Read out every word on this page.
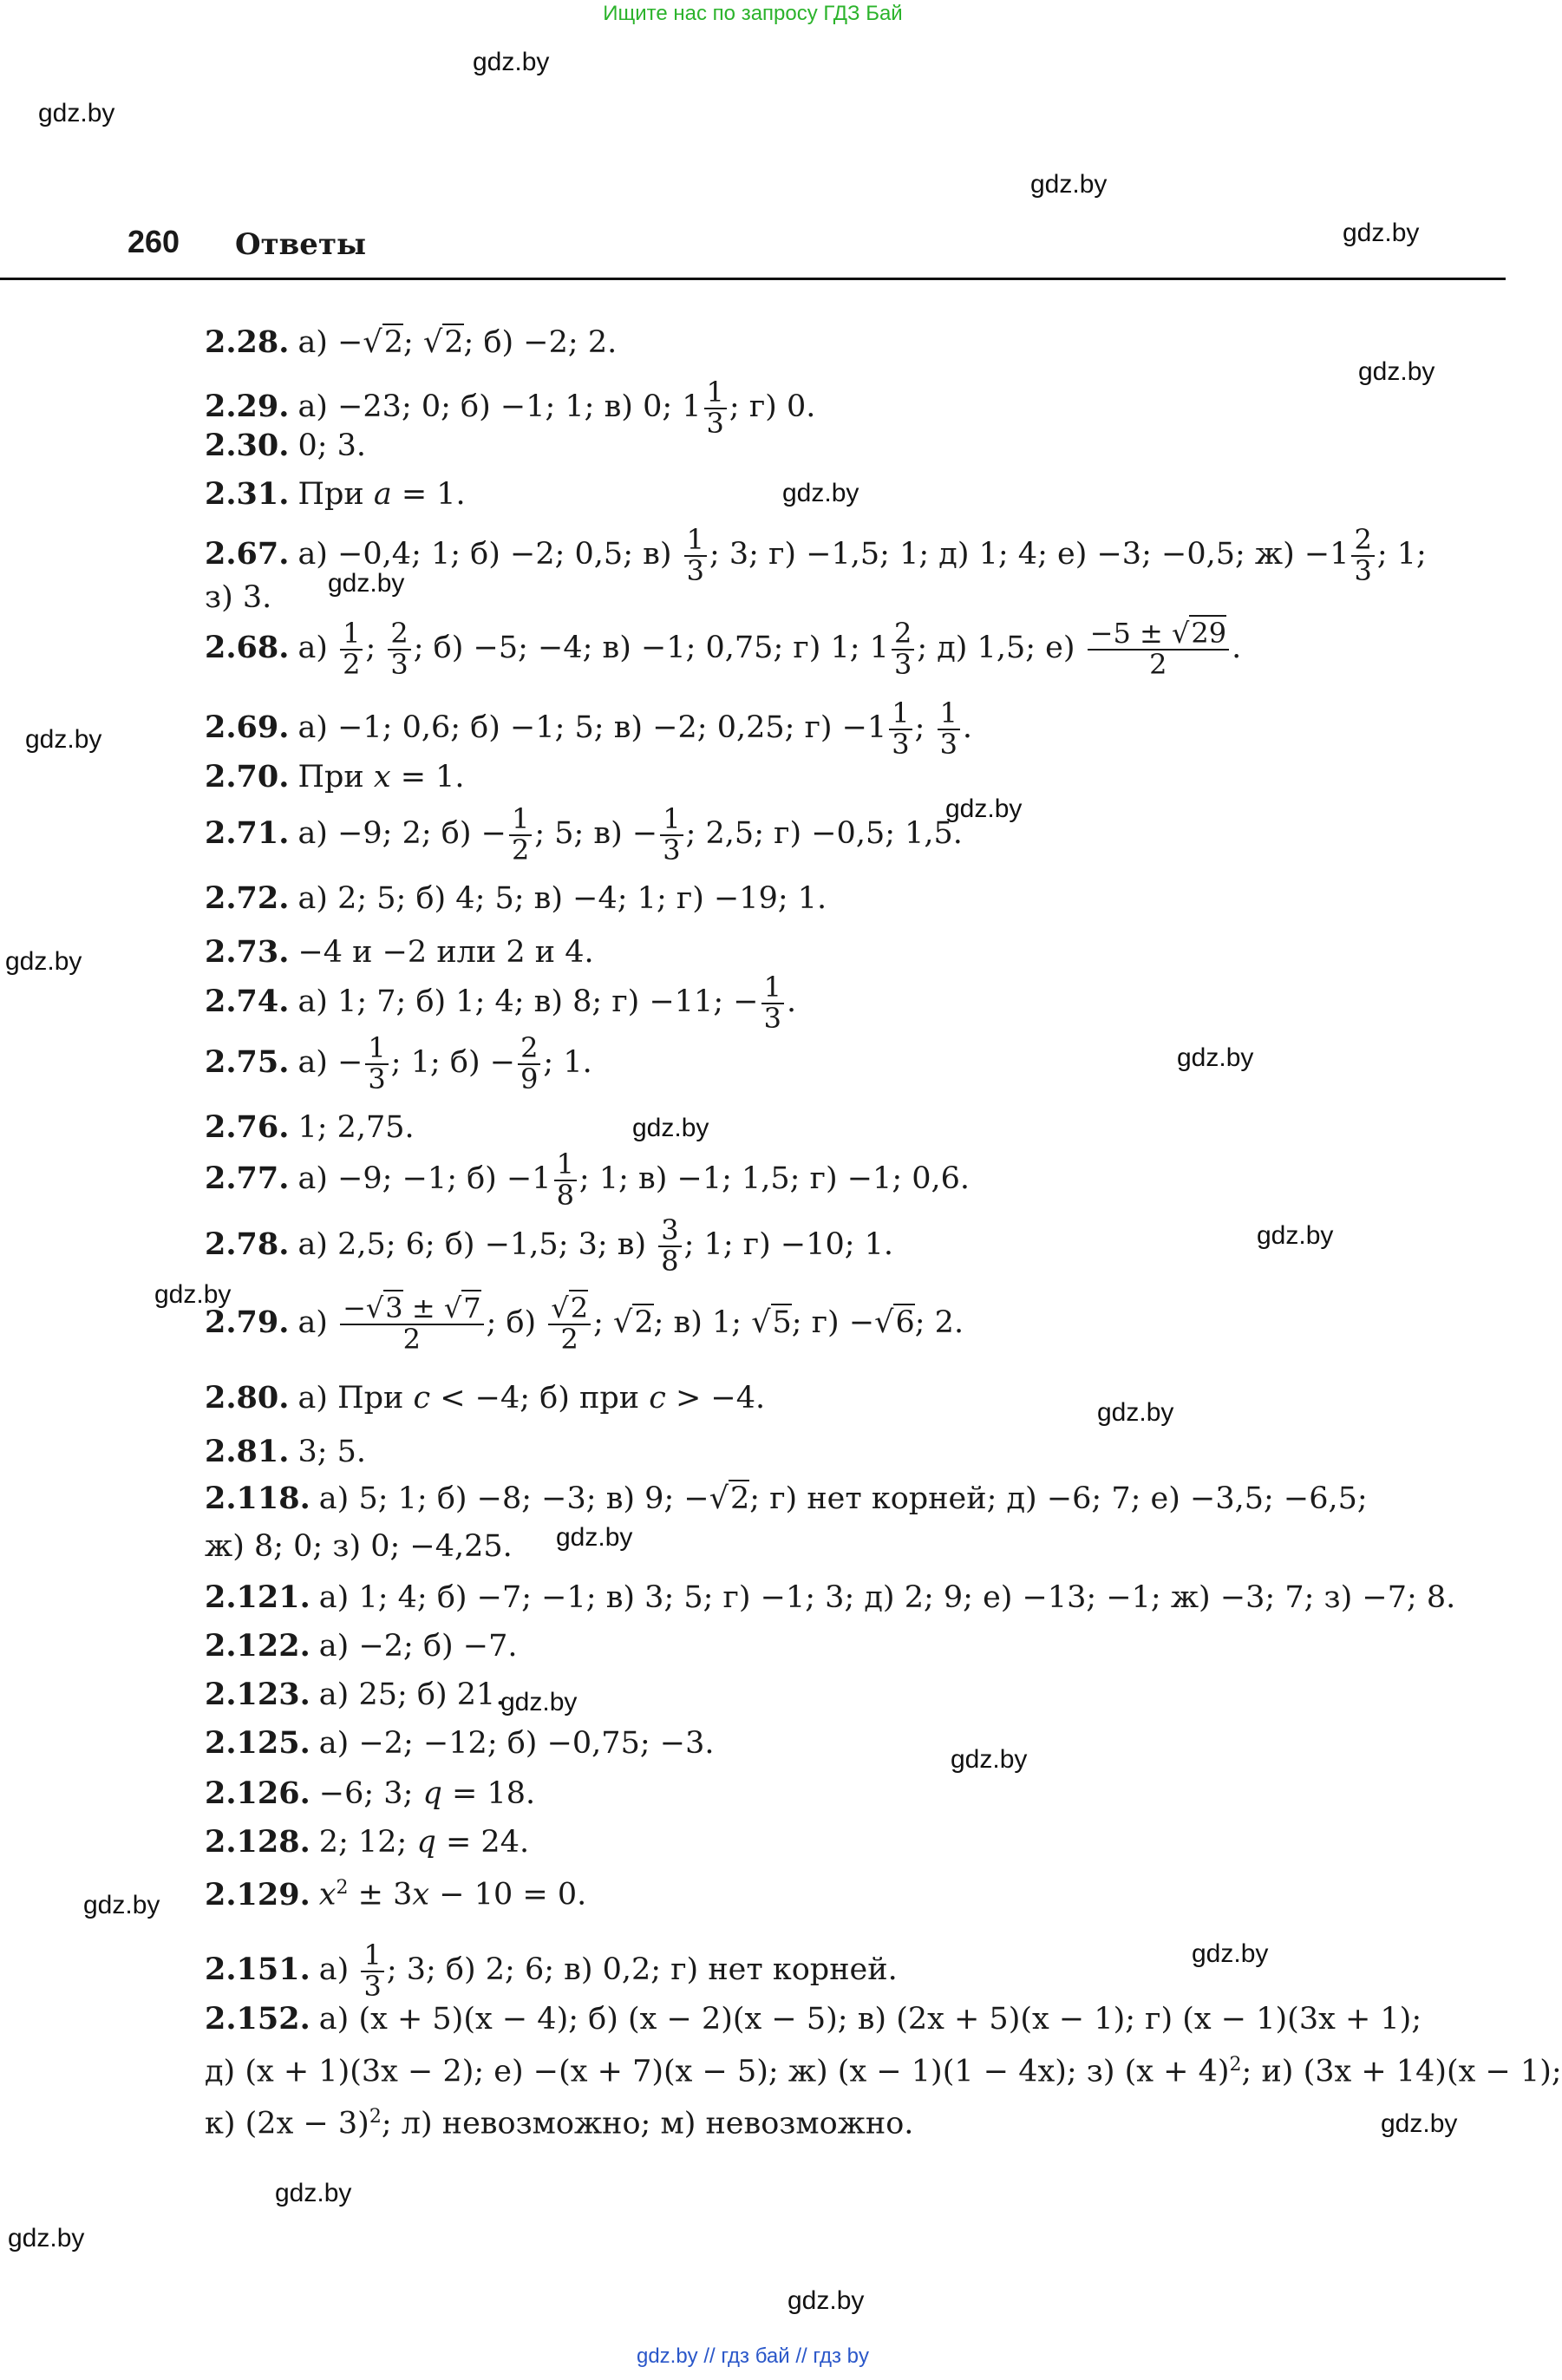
Ищите нас по запросу ГДЗ Бай
gdz.by
gdz.by
gdz.by
gdz.by
gdz.by
gdz.by
gdz.by
gdz.by
gdz.by
gdz.by
gdz.by
gdz.by
gdz.by
gdz.by
gdz.by
gdz.by
gdz.by
gdz.by
gdz.by
gdz.by
gdz.by
gdz.by
gdz.by
gdz.by
260 Ответы
2.28. а) −√2; √2; б) −2; 2.
2.29. а) −23; 0; б) −1; 1; в) 0; $1 \frac{1}{3}$ ; г) 0.
2.30. 0; 3.
2.31. При a = 1.
2.67. а) −0,4; 1; б) −2; 0,5; $в) \frac{1}{3}$ ; 3; г) −1,5; 1; д) 1; 4; е) −3; −0,5; $ж) -1 \frac{2}{3}$ ; 1;
з) 3.
2.68. $а) \frac{1}{2}$ ; $\frac{2}{3}$ ; б) −5; −4; в) −1; 0,75; г) 1; $1 \frac{2}{3}$ ; д) 1,5; $е) \frac{-5 \pm √29}{2}$ .
2.69. а) −1; 0,6; б) −1; 5; в) −2; 0,25; $г) -1 \frac{1}{3}$ ; $\frac{1}{3}$ .
2.70. При x = 1.
2.71. а) −9; 2; $б) - \frac{1}{2}$ ; 5; $в) - \frac{1}{3}$ ; 2,5; г) −0,5; 1,5.
2.72. а) 2; 5; б) 4; 5; в) −4; 1; г) −19; 1.
2.73. −4 и −2 или 2 и 4.
2.74. а) 1; 7; б) 1; 4; в) 8; г) −11; − $\frac{1}{3}$ .
2.75. $а) - \frac{1}{3}$ ; 1; $б) - \frac{2}{9}$ ; 1.
2.76. 1; 2,75.
2.77. а) −9; −1; $б) -1 \frac{1}{8}$ ; 1; в) −1; 1,5; г) −1; 0,6.
2.78. а) 2,5; 6; б) −1,5; 3; $в) \frac{3}{8}$ ; 1; г) −10; 1.
2.79. $а) \frac{-√3 \pm √7}{2}$ ; $б) \frac{√2}{2}$ ; √2; в) 1; √5; г) −√6; 2.
2.80. а) При c < −4; б) при c > −4.
2.81. 3; 5.
2.118. а) 5; 1; б) −8; −3; в) 9; −√2; г) нет корней; д) −6; 7; е) −3,5; −6,5;
ж) 8; 0; з) 0; −4,25.
2.121. а) 1; 4; б) −7; −1; в) 3; 5; г) −1; 3; д) 2; 9; е) −13; −1; ж) −3; 7; з) −7; 8.
2.122. а) −2; б) −7.
2.123. а) 25; б) 21.
2.125. а) −2; −12; б) −0,75; −3.
2.126. −6; 3; q = 18.
2.128. 2; 12; q = 24.
2.129. $x^2 \pm 3x - 10 = 0$.
2.151. $а) \frac{1}{3}$ ; 3; б) 2; 6; в) 0,2; г) нет корней.
2.152. а) (x + 5)(x − 4); б) (x − 2)(x − 5); в) (2x + 5)(x − 1); г) (x − 1)(3x + 1);
д) (x + 1)(3x − 2); е) −(x + 7)(x − 5); ж) (x − 1)(1 − 4x); з) $(x + 4)^2$; и) (3x + 14)(x − 1);
к) $(2x - 3)^2$; л) невозможно; м) невозможно.
gdz.by // гдз бай // гдз by
